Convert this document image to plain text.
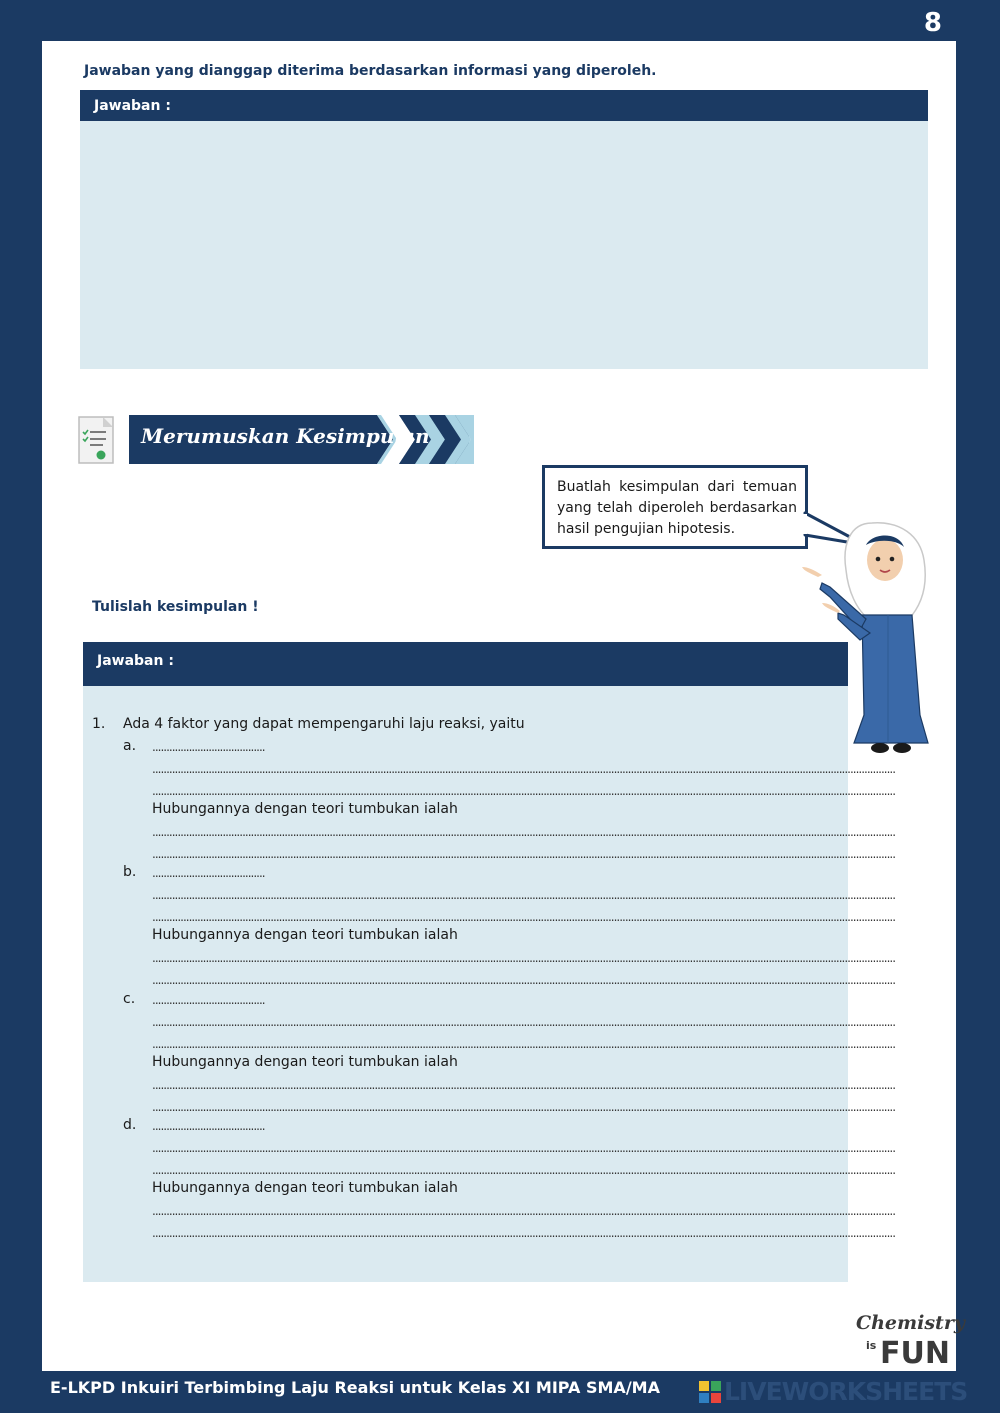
8
Jawaban yang dianggap diterima berdasarkan informasi yang diperoleh.
Jawaban :
Merumuskan Kesimpulan
Buatlah kesimpulan dari temuan yang telah diperoleh berdasarkan hasil pengujian hipotesis.
Tulislah kesimpulan !
Jawaban :
1. Ada 4 faktor yang dapat mempengaruhi laju reaksi, yaitu
a. ........................................
........................................................................................................................................................................................................................................................................
........................................................................................................................................................................................................................................................................
Hubungannya dengan teori tumbukan ialah
........................................................................................................................................................................................................................................................................
........................................................................................................................................................................................................................................................................
b. ........................................
........................................................................................................................................................................................................................................................................
........................................................................................................................................................................................................................................................................
Hubungannya dengan teori tumbukan ialah
........................................................................................................................................................................................................................................................................
........................................................................................................................................................................................................................................................................
c. ........................................
........................................................................................................................................................................................................................................................................
........................................................................................................................................................................................................................................................................
Hubungannya dengan teori tumbukan ialah
........................................................................................................................................................................................................................................................................
........................................................................................................................................................................................................................................................................
d. ........................................
........................................................................................................................................................................................................................................................................
........................................................................................................................................................................................................................................................................
Hubungannya dengan teori tumbukan ialah
........................................................................................................................................................................................................................................................................
........................................................................................................................................................................................................................................................................
Chemistry
is FUN
E-LKPD Inkuiri Terbimbing Laju Reaksi untuk Kelas XI MIPA SMA/MA	LIVEWORKSHEETS
